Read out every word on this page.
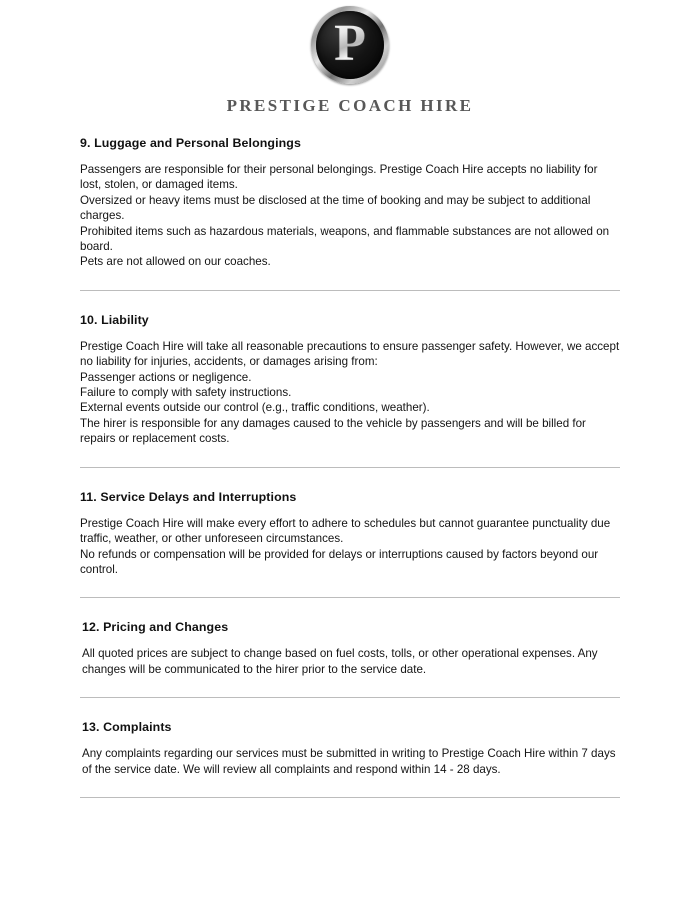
P
PRESTIGE COACH HIRE
9. Luggage and Personal Belongings

Passengers are responsible for their personal belongings. Prestige Coach Hire accepts no liability for lost, stolen, or damaged items.

Oversized or heavy items must be disclosed at the time of booking and may be subject to additional charges.

Prohibited items such as hazardous materials, weapons, and flammable substances are not allowed on board.

Pets are not allowed on our coaches.

10. Liability

Prestige Coach Hire will take all reasonable precautions to ensure passenger safety. However, we accept no liability for injuries, accidents, or damages arising from:

Passenger actions or negligence.

Failure to comply with safety instructions.

External events outside our control (e.g., traffic conditions, weather).

The hirer is responsible for any damages caused to the vehicle by passengers and will be billed for repairs or replacement costs.

11. Service Delays and Interruptions

Prestige Coach Hire will make every effort to adhere to schedules but cannot guarantee punctuality due traffic, weather, or other unforeseen circumstances.

No refunds or compensation will be provided for delays or interruptions caused by factors beyond our control.

12. Pricing and Changes

All quoted prices are subject to change based on fuel costs, tolls, or other operational expenses. Any changes will be communicated to the hirer prior to the service date.

13. Complaints

Any complaints regarding our services must be submitted in writing to Prestige Coach Hire within 7 days of the service date. We will review all complaints and respond within 14 - 28 days.
